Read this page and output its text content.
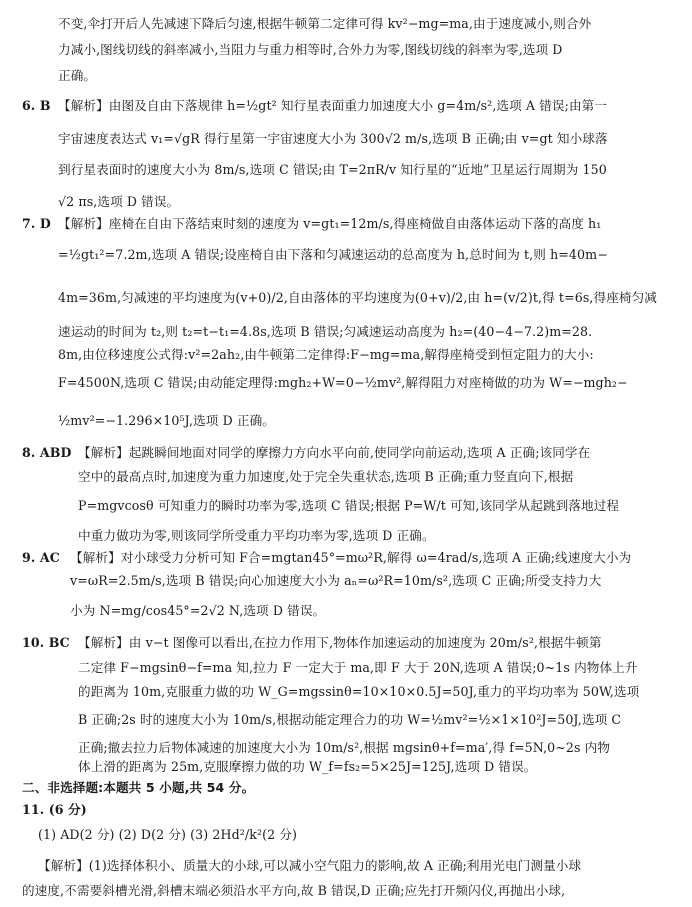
不变,伞打开后人先减速下降后匀速,根据牛顿第二定律可得 kv²−mg=ma,由于速度减小,则合外
力减小,图线切线的斜率减小,当阻力与重力相等时,合外力为零,图线切线的斜率为零,选项 D
正确。
6. B 【解析】由图及自由下落规律 h=½gt² 知行星表面重力加速度大小 g=4m/s²,选项 A 错误;由第一
宇宙速度表达式 v₁=√gR 得行星第一宇宙速度大小为 300√2 m/s,选项 B 正确;由 v=gt 知小球落
到行星表面时的速度大小为 8m/s,选项 C 错误;由 T=2πR/v 知行星的“近地”卫星运行周期为 150
√2 πs,选项 D 错误。
7. D 【解析】座椅在自由下落结束时刻的速度为 v=gt₁=12m/s,得座椅做自由落体运动下落的高度 h₁
=½gt₁²=7.2m,选项 A 错误;设座椅自由下落和匀减速运动的总高度为 h,总时间为 t,则 h=40m−
4m=36m,匀减速的平均速度为(v+0)/2,自由落体的平均速度为(0+v)/2,由 h=(v/2)t,得 t=6s,得座椅匀减
速运动的时间为 t₂,则 t₂=t−t₁=4.8s,选项 B 错误;匀减速运动高度为 h₂=(40−4−7.2)m=28.
8m,由位移速度公式得:v²=2ah₂,由牛顿第二定律得:F−mg=ma,解得座椅受到恒定阻力的大小:
F=4500N,选项 C 错误;由动能定理得:mgh₂+W=0−½mv²,解得阻力对座椅做的功为 W=−mgh₂−
½mv²=−1.296×10⁵J,选项 D 正确。
8. ABD 【解析】起跳瞬间地面对同学的摩擦力方向水平向前,使同学向前运动,选项 A 正确;该同学在
空中的最高点时,加速度为重力加速度,处于完全失重状态,选项 B 正确;重力竖直向下,根据
P=mgvcosθ 可知重力的瞬时功率为零,选项 C 错误;根据 P=W/t 可知,该同学从起跳到落地过程
中重力做功为零,则该同学所受重力平均功率为零,选项 D 正确。
9. AC 【解析】对小球受力分析可知 F合=mgtan45°=mω²R,解得 ω=4rad/s,选项 A 正确;线速度大小为
v=ωR=2.5m/s,选项 B 错误;向心加速度大小为 aₙ=ω²R=10m/s²,选项 C 正确;所受支持力大
小为 N=mg/cos45°=2√2 N,选项 D 错误。
10. BC 【解析】由 v−t 图像可以看出,在拉力作用下,物体作加速运动的加速度为 20m/s²,根据牛顿第
二定律 F−mgsinθ−f=ma 知,拉力 F 一定大于 ma,即 F 大于 20N,选项 A 错误;0~1s 内物体上升
的距离为 10m,克服重力做的功 W_G=mgssinθ=10×10×0.5J=50J,重力的平均功率为 50W,选项
B 正确;2s 时的速度大小为 10m/s,根据动能定理合力的功 W=½mv²=½×1×10²J=50J,选项 C
正确;撤去拉力后物体减速的加速度大小为 10m/s²,根据 mgsinθ+f=ma′,得 f=5N,0~2s 内物
体上滑的距离为 25m,克服摩擦力做的功 W_f=fs₂=5×25J=125J,选项 D 错误。
二、非选择题:本题共 5 小题,共 54 分。
11. (6 分)
(1) AD(2 分) (2) D(2 分) (3) 2Hd²/k²(2 分)
【解析】(1)选择体积小、质量大的小球,可以减小空气阻力的影响,故 A 正确;利用光电门测量小球
的速度,不需要斜槽光滑,斜槽末端必须沿水平方向,故 B 错误,D 正确;应先打开频闪仪,再抛出小球,
